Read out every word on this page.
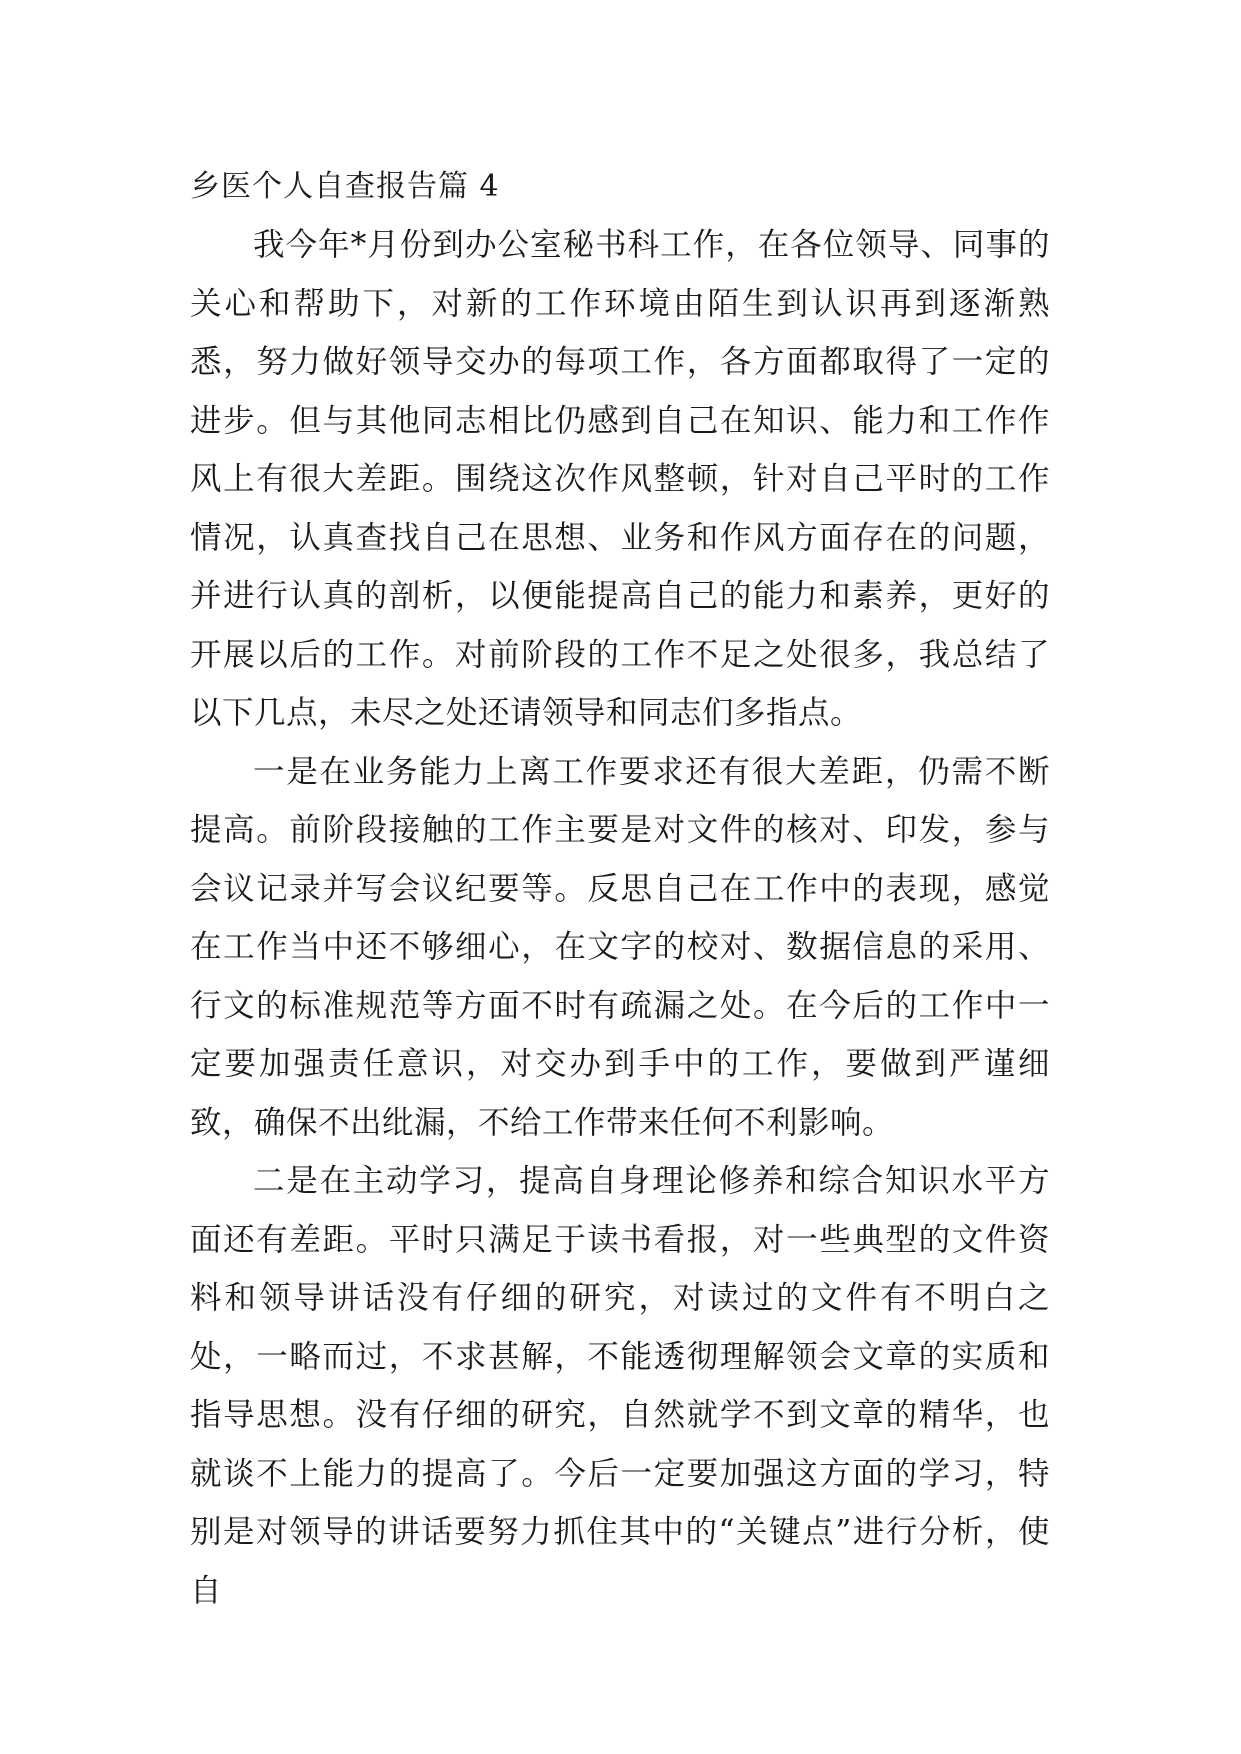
乡医个人自查报告篇 4

我今年*月份到办公室秘书科工作，在各位领导、同事的关心和帮助下，对新的工作环境由陌生到认识再到逐渐熟悉，努力做好领导交办的每项工作，各方面都取得了一定的进步。但与其他同志相比仍感到自己在知识、能力和工作作风上有很大差距。围绕这次作风整顿，针对自己平时的工作情况，认真查找自己在思想、业务和作风方面存在的问题，并进行认真的剖析，以便能提高自己的能力和素养，更好的开展以后的工作。对前阶段的工作不足之处很多，我总结了以下几点，未尽之处还请领导和同志们多指点。

一是在业务能力上离工作要求还有很大差距，仍需不断提高。前阶段接触的工作主要是对文件的核对、印发，参与会议记录并写会议纪要等。反思自己在工作中的表现，感觉在工作当中还不够细心，在文字的校对、数据信息的采用、行文的标准规范等方面不时有疏漏之处。在今后的工作中一定要加强责任意识，对交办到手中的工作，要做到严谨细致，确保不出纰漏，不给工作带来任何不利影响。

二是在主动学习，提高自身理论修养和综合知识水平方面还有差距。平时只满足于读书看报，对一些典型的文件资料和领导讲话没有仔细的研究，对读过的文件有不明白之处，一略而过，不求甚解，不能透彻理解领会文章的实质和指导思想。没有仔细的研究，自然就学不到文章的精华，也就谈不上能力的提高了。今后一定要加强这方面的学习，特别是对领导的讲话要努力抓住其中的“关键点”进行分析，使自
